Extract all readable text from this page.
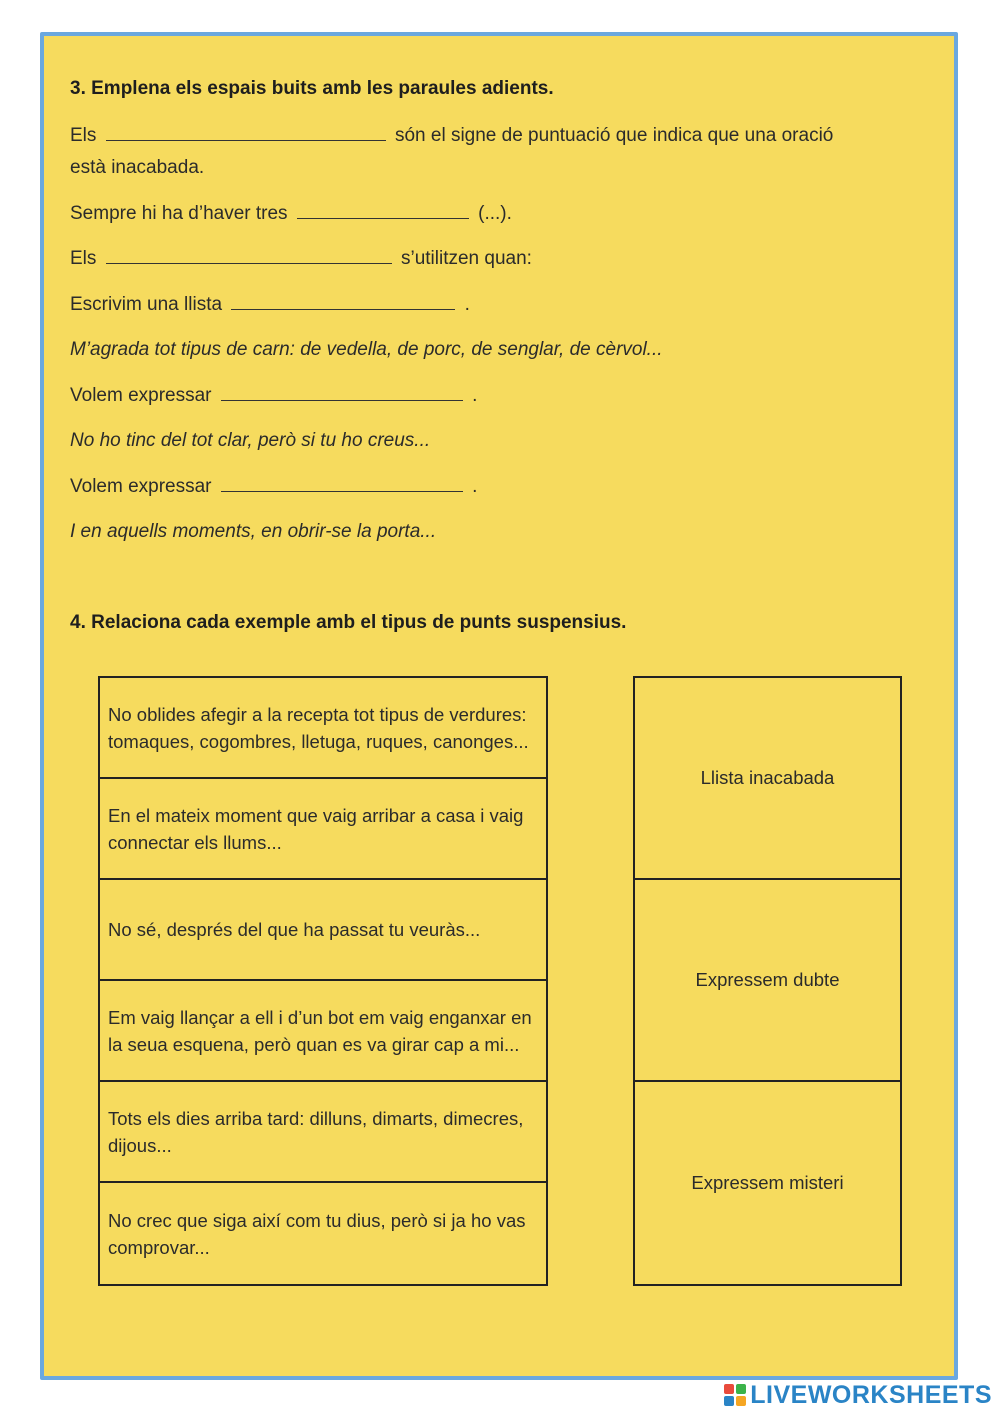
3. Emplena els espais buits amb les paraules adients.
Els	són el signe de puntuació que indica que una oració
està inacabada.
Sempre hi ha d’haver tres	(...).
Els	s’utilitzen quan:
Escrivim una llista	.
M’agrada tot tipus de carn: de vedella, de porc, de senglar, de cèrvol...
Volem expressar	.
No ho tinc del tot clar, però si tu ho creus...
Volem expressar	.
I en aquells moments, en obrir-se la porta...
4. Relaciona cada exemple amb el tipus de punts suspensius.
No oblides afegir a la recepta tot tipus de verdures: tomaques, cogombres, lletuga, ruques, canonges...
En el mateix moment que vaig arribar a casa i vaig connectar els llums...
No sé, després del que ha passat tu veuràs...
Em vaig llançar a ell i d’un bot em vaig enganxar en la seua esquena, però quan es va girar cap a mi...
Tots els dies arriba tard: dilluns, dimarts, dimecres, dijous...
No crec que siga així com tu dius, però si ja ho vas comprovar...
Llista inacabada
Expressem dubte
Expressem misteri
LIVEWORKSHEETS
